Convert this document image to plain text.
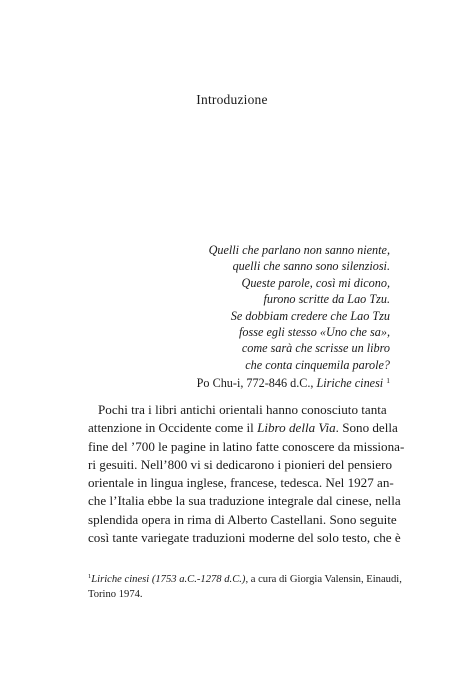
Introduzione
Quelli che parlano non sanno niente,
quelli che sanno sono silenziosi.
Queste parole, così mi dicono,
furono scritte da Lao Tzu.
Se dobbiam credere che Lao Tzu
fosse egli stesso «Uno che sa»,
come sarà che scrisse un libro
che conta cinquemila parole?
Po Chu-i, 772-846 d.C., Liriche cinesi $^1$
Pochi tra i libri antichi orientali hanno conosciuto tanta
attenzione in Occidente come il Libro della Via. Sono della
fine del ’700 le pagine in latino fatte conoscere da missiona-
ri gesuiti. Nell’800 vi si dedicarono i pionieri del pensiero
orientale in lingua inglese, francese, tedesca. Nel 1927 an-
che l’Italia ebbe la sua traduzione integrale dal cinese, nella
splendida opera in rima di Alberto Castellani. Sono seguite
così tante variegate traduzioni moderne del solo testo, che è
$^1$Liriche cinesi (1753 a.C.-1278 d.C.), a cura di Giorgia Valensin, Einaudi,
Torino 1974.
